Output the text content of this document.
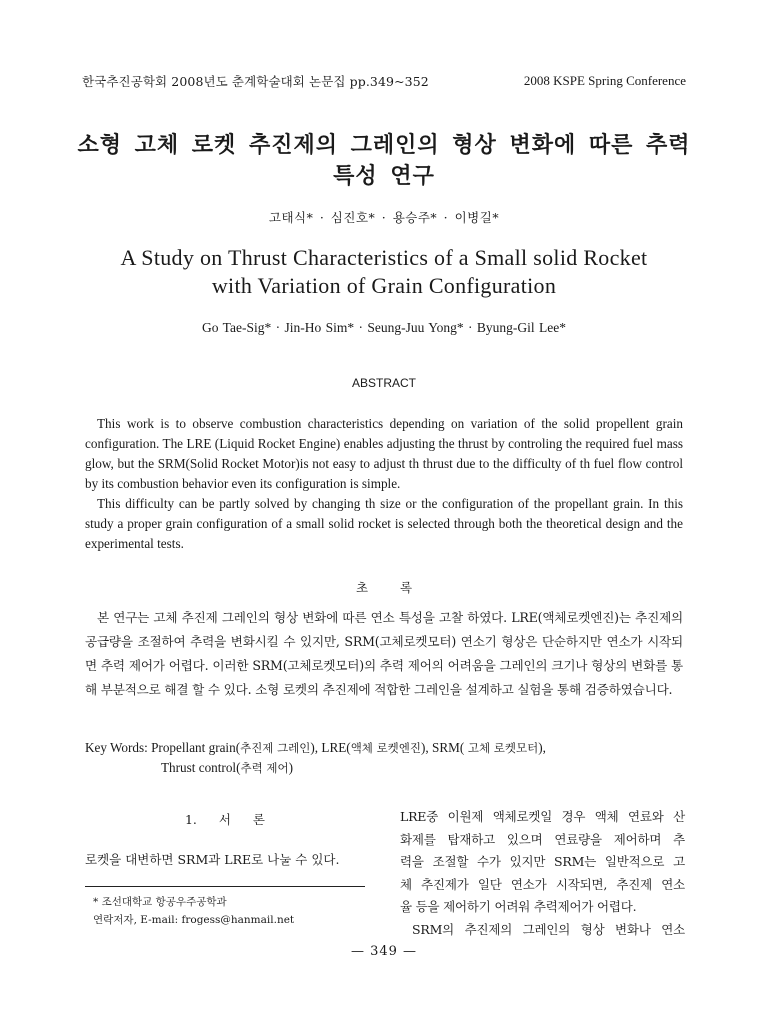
한국추진공학회 2008년도 춘계학술대회 논문집 pp.349~352	2008 KSPE Spring Conference
소형 고체 로켓 추진제의 그레인의 형상 변화에 따른 추력
특성 연구
고태식* · 심진호* · 용승주* · 이병길*
A Study on Thrust Characteristics of a Small solid Rocket
with Variation of Grain Configuration
Go Tae-Sig* · Jin-Ho Sim* · Seung-Juu Yong* · Byung-Gil Lee*
ABSTRACT

This work is to observe combustion characteristics depending on variation of the solid propellent grain configuration. The LRE (Liquid Rocket Engine) enables adjusting the thrust by controling the required fuel mass glow, but the SRM(Solid Rocket Motor)is not easy to adjust th thrust due to the difficulty of th fuel flow control by its combustion behavior even its configuration is simple.

This difficulty can be partly solved by changing th size or the configuration of the propellant grain. In this study a proper grain configuration of a small solid rocket is selected through both the theoretical design and the experimental tests.

초 록
본 연구는 고체 추진제 그레인의 형상 변화에 따른 연소 특성을 고찰 하였다. LRE(액체로켓엔진)는 추진제의 공급량을 조절하여 추력을 변화시킬 수 있지만, SRM(고체로켓모터) 연소기 형상은 단순하지만 연소가 시작되면 추력 제어가 어렵다. 이러한 SRM(고체로켓모터)의 추력 제어의 어려움을 그레인의 크기나 형상의 변화를 통해 부분적으로 해결 할 수 있다. 소형 로켓의 추진제에 적합한 그레인을 설계하고 실험을 통해 검증하였습니다.
Key Words: Propellant grain(추진제 그레인), LRE(액체 로켓엔진), SRM( 고체 로켓모터),
Thrust control(추력 제어)
1. 서 론
로켓을 대변하면 SRM과 LRE로 나눌 수 있다.
* 조선대학교 항공우주공학과
연락저자, E-mail: frogess@hanmail.net
LRE중 이원제 액체로켓일 경우 액체 연료와 산
화제를 탑재하고 있으며 연료량을 제어하며 추
력을 조절할 수가 있지만 SRM는 일반적으로 고
체 추진제가 일단 연소가 시작되면, 추진제 연소
율 등을 제어하기 어려워 추력제어가 어렵다.
SRM의 추진제의 그레인의 형상 변화나 연소
— 349 —
